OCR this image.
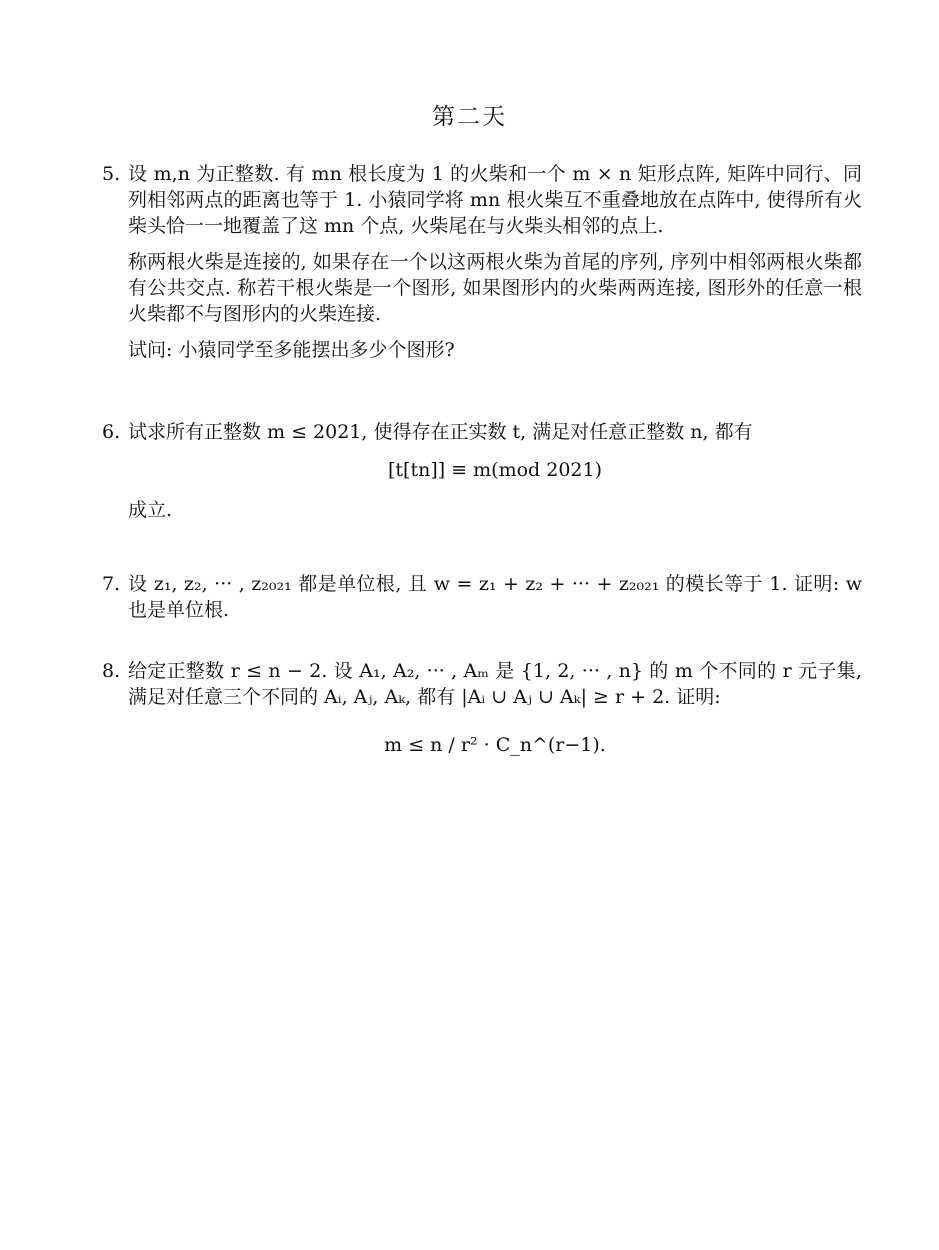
第二天
5. 设 m,n 为正整数. 有 mn 根长度为 1 的火柴和一个 m × n 矩形点阵, 矩阵中同行、同列相邻两点的距离也等于 1. 小猿同学将 mn 根火柴互不重叠地放在点阵中, 使得所有火柴头恰一一地覆盖了这 mn 个点, 火柴尾在与火柴头相邻的点上.

称两根火柴是连接的, 如果存在一个以这两根火柴为首尾的序列, 序列中相邻两根火柴都有公共交点. 称若干根火柴是一个图形, 如果图形内的火柴两两连接, 图形外的任意一根火柴都不与图形内的火柴连接.

试问: 小猿同学至多能摆出多少个图形?

6. 试求所有正整数 m ≤ 2021, 使得存在正实数 t, 满足对任意正整数 n, 都有

[t[tn]] ≡ m(mod 2021)

成立.

7. 设 z₁, z₂, ··· , z₂₀₂₁ 都是单位根, 且 w = z₁ + z₂ + ··· + z₂₀₂₁ 的模长等于 1. 证明: w 也是单位根.

8. 给定正整数 r ≤ n − 2. 设 A₁, A₂, ··· , Aₘ 是 {1, 2, ··· , n} 的 m 个不同的 r 元子集, 满足对任意三个不同的 Aᵢ, Aⱼ, Aₖ, 都有 |Aᵢ ∪ Aⱼ ∪ Aₖ| ≥ r + 2. 证明:

m ≤ n / r² · C_n^(r−1).
